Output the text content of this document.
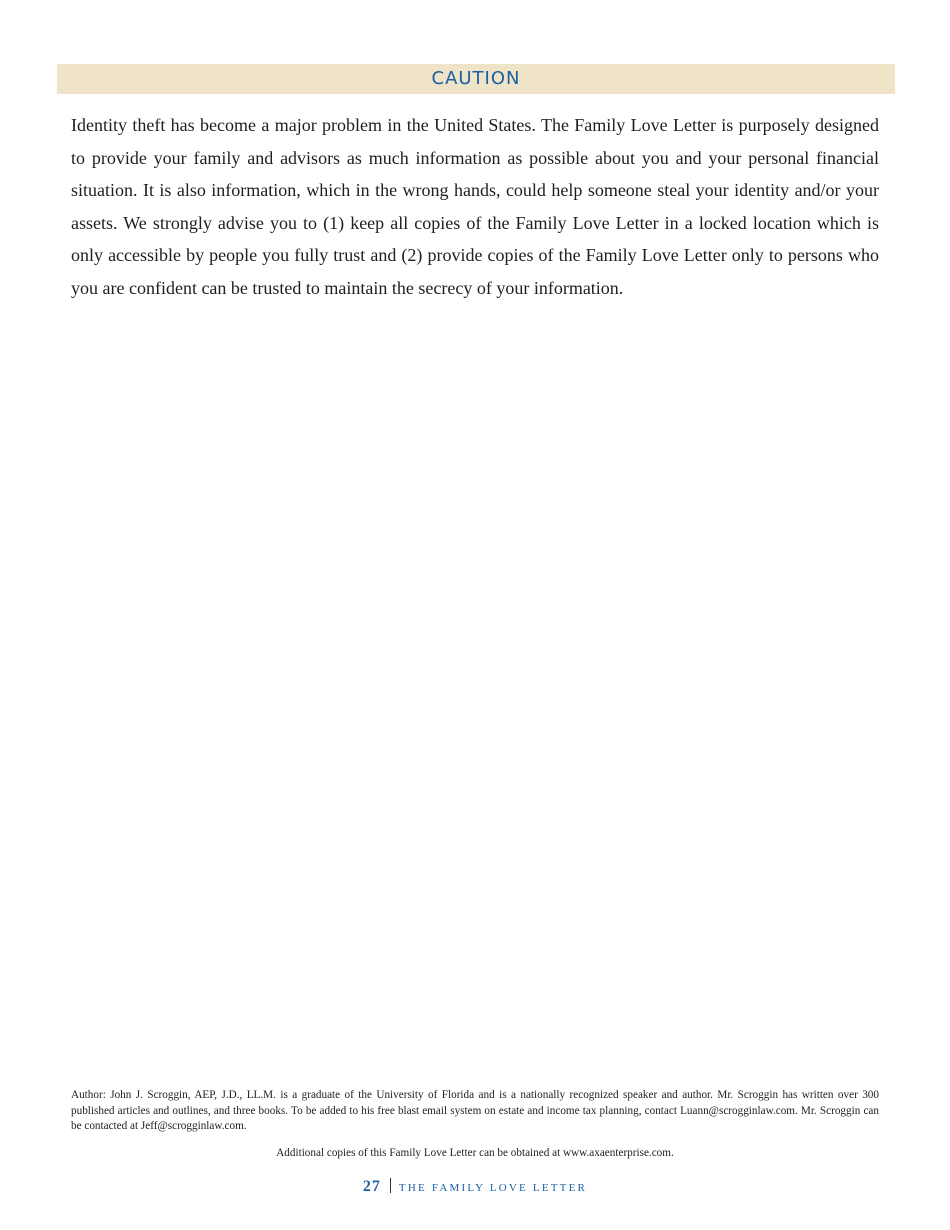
CAUTION

Identity theft has become a major problem in the United States. The Family Love Letter is purposely designed to provide your family and advisors as much information as possible about you and your personal financial situation. It is also information, which in the wrong hands, could help someone steal your identity and/or your assets. We strongly advise you to (1) keep all copies of the Family Love Letter in a locked location which is only accessible by people you fully trust and (2) provide copies of the Family Love Letter only to persons who you are confident can be trusted to maintain the secrecy of your information.

Author: John J. Scroggin, AEP, J.D., LL.M. is a graduate of the University of Florida and is a nationally recognized speaker and author. Mr. Scroggin has written over 300 published articles and outlines, and three books. To be added to his free blast email system on estate and income tax planning, contact Luann@scrogginlaw.com. Mr. Scroggin can be contacted at Jeff@scrogginlaw.com.

Additional copies of this Family Love Letter can be obtained at www.axaenterprise.com.

27 THE FAMILY LOVE LETTER
